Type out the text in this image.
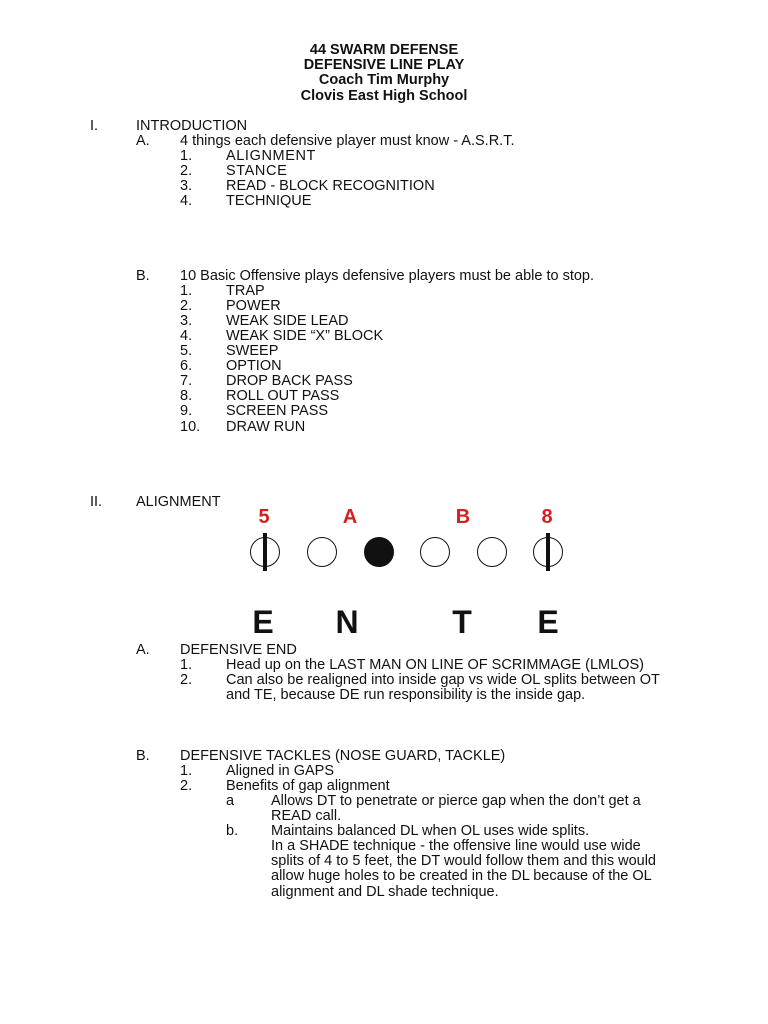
44 SWARM DEFENSE
DEFENSIVE LINE PLAY
Coach Tim Murphy
Clovis East High School
I.	INTRODUCTION
A. 4 things each defensive player must know - A.S.R.T.
1. ALIGNMENT
2. STANCE
3. READ - BLOCK RECOGNITION
4. TECHNIQUE
B. 10 Basic Offensive plays defensive players must be able to stop.
1. TRAP
2. POWER
3. WEAK SIDE LEAD
4. WEAK SIDE “X” BLOCK
5. SWEEP
6. OPTION
7. DROP BACK PASS
8. ROLL OUT PASS
9. SCREEN PASS
10. DRAW RUN
II. ALIGNMENT
5	A	B	8
E N	T E
A. DEFENSIVE END
1. Head up on the LAST MAN ON LINE OF SCRIMMAGE (LMLOS)
2. Can also be realigned into inside gap vs wide OL splits between OT
and TE, because DE run responsibility is the inside gap.
B. DEFENSIVE TACKLES (NOSE GUARD, TACKLE)
1. Aligned in GAPS
2. Benefits of gap alignment
a	Allows DT to penetrate or pierce gap when the don’t get a
READ call.
b. Maintains balanced DL when OL uses wide splits.
In a SHADE technique - the offensive line would use wide
splits of 4 to 5 feet, the DT would follow them and this would
allow huge holes to be created in the DL because of the OL
alignment and DL shade technique.
